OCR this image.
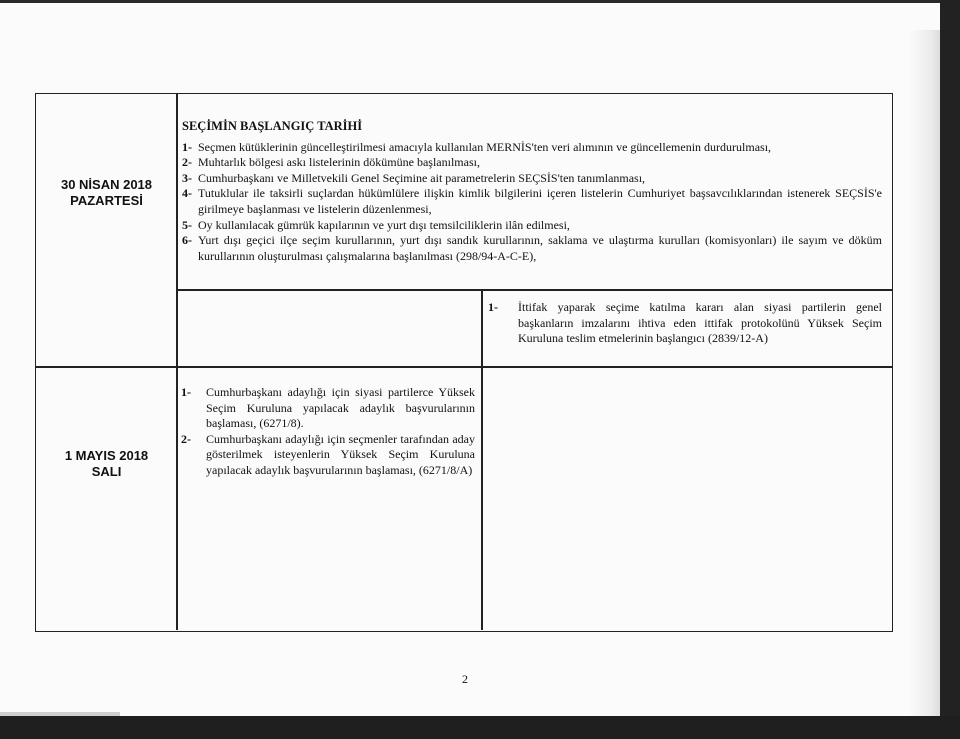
30 NİSAN 2018
PAZARTESİ
SEÇİMİN BAŞLANGIÇ TARİHİ
1- Seçmen kütüklerinin güncelleştirilmesi amacıyla kullanılan MERNİS'ten veri alımının ve güncellemenin durdurulması,
2- Muhtarlık bölgesi askı listelerinin dökümüne başlanılması,
3- Cumhurbaşkanı ve Milletvekili Genel Seçimine ait parametrelerin SEÇSİS'ten tanımlanması,
4- Tutuklular ile taksirli suçlardan hükümlülere ilişkin kimlik bilgilerini içeren listelerin Cumhuriyet başsavcılıklarından istenerek SEÇSİS'e girilmeye başlanması ve listelerin düzenlenmesi,
5- Oy kullanılacak gümrük kapılarının ve yurt dışı temsilciliklerin ilân edilmesi,
6- Yurt dışı geçici ilçe seçim kurullarının, yurt dışı sandık kurullarının, saklama ve ulaştırma kurulları (komisyonları) ile sayım ve döküm kurullarının oluşturulması çalışmalarına başlanılması (298/94-A-C-E),
1- İttifak yaparak seçime katılma kararı alan siyasi partilerin genel başkanların imzalarını ihtiva eden ittifak protokolünü Yüksek Seçim Kuruluna teslim etmelerinin başlangıcı (2839/12-A)
1 MAYIS 2018
SALI
1- Cumhurbaşkanı adaylığı için siyasi partilerce Yüksek Seçim Kuruluna yapılacak adaylık başvurularının başlaması, (6271/8).
2- Cumhurbaşkanı adaylığı için seçmenler tarafından aday gösterilmek isteyenlerin Yüksek Seçim Kuruluna yapılacak adaylık başvurularının başlaması, (6271/8/A)
2
